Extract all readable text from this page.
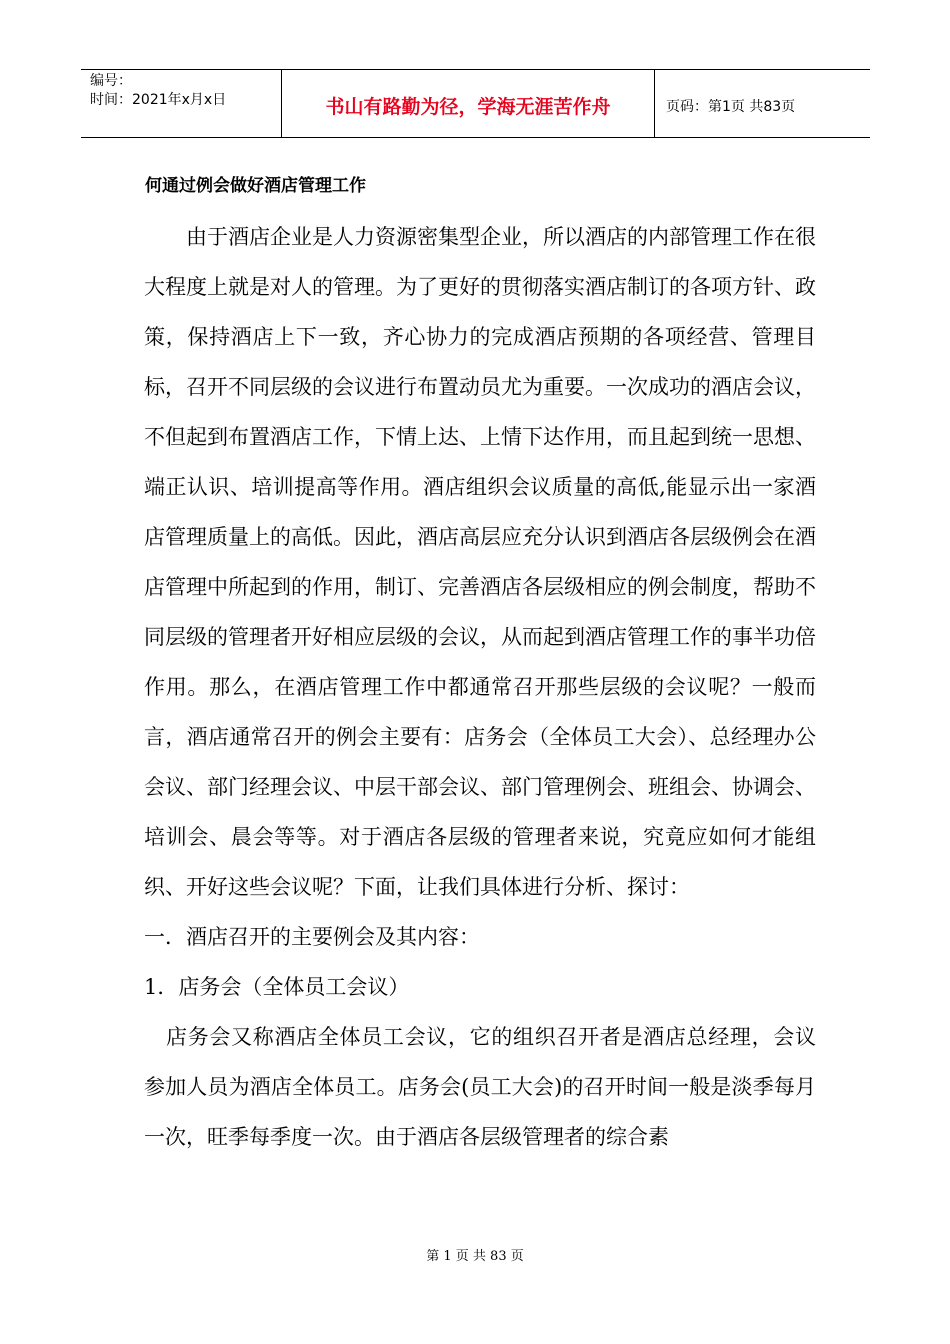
编号：
时间：2021年x月x日	书山有路勤为径，学海无涯苦作舟	页码：第1页 共83页
何通过例会做好酒店管理工作

由于酒店企业是人力资源密集型企业，所以酒店的内部管理工作在很大程度上就是对人的管理。为了更好的贯彻落实酒店制订的各项方针、政策，保持酒店上下一致，齐心协力的完成酒店预期的各项经营、管理目标，召开不同层级的会议进行布置动员尤为重要。一次成功的酒店会议，不但起到布置酒店工作，下情上达、上情下达作用，而且起到统一思想、端正认识、培训提高等作用。酒店组织会议质量的高低,能显示出一家酒店管理质量上的高低。因此，酒店高层应充分认识到酒店各层级例会在酒店管理中所起到的作用，制订、完善酒店各层级相应的例会制度，帮助不同层级的管理者开好相应层级的会议，从而起到酒店管理工作的事半功倍作用。那么，在酒店管理工作中都通常召开那些层级的会议呢？一般而言，酒店通常召开的例会主要有：店务会（全体员工大会）、总经理办公会议、部门经理会议、中层干部会议、部门管理例会、班组会、协调会、培训会、晨会等等。对于酒店各层级的管理者来说，究竟应如何才能组织、开好这些会议呢？下面，让我们具体进行分析、探讨：

一．酒店召开的主要例会及其内容：

1．店务会（全体员工会议）

店务会又称酒店全体员工会议，它的组织召开者是酒店总经理，会议参加人员为酒店全体员工。店务会(员工大会)的召开时间一般是淡季每月一次，旺季每季度一次。由于酒店各层级管理者的综合素

第 1 页 共 83 页
